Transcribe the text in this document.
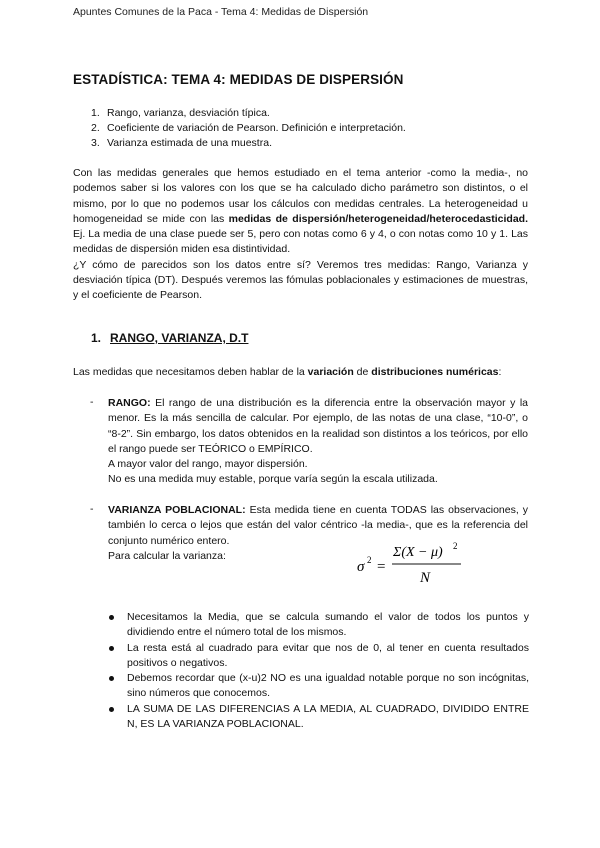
Apuntes Comunes de la Paca - Tema 4: Medidas de Dispersión
ESTADÍSTICA: TEMA 4: MEDIDAS DE DISPERSIÓN
1. Rango, varianza, desviación típica.
2. Coeficiente de variación de Pearson. Definición e interpretación.
3. Varianza estimada de una muestra.

Con las medidas generales que hemos estudiado en el tema anterior -como la media-, no podemos saber si los valores con los que se ha calculado dicho parámetro son distintos, o el mismo, por lo que no podemos usar los cálculos con medidas centrales. La heterogeneidad u homogeneidad se mide con las medidas de dispersión/heterogeneidad/heterocedasticidad. Ej. La media de una clase puede ser 5, pero con notas como 6 y 4, o con notas como 10 y 1. Las medidas de dispersión miden esa distintividad.

¿Y cómo de parecidos son los datos entre sí? Veremos tres medidas: Rango, Varianza y desviación típica (DT). Después veremos las fómulas poblacionales y estimaciones de muestras, y el coeficiente de Pearson.

1. RANGO, VARIANZA, D.T
Las medidas que necesitamos deben hablar de la variación de distribuciones numéricas:
- RANGO: El rango de una distribución es la diferencia entre la observación mayor y la menor. Es la más sencilla de calcular. Por ejemplo, de las notas de una clase, “10-0”, o “8-2”. Sin embargo, los datos obtenidos en la realidad son distintos a los teóricos, por ello el rango puede ser TEÓRICO o EMPÍRICO.

A mayor valor del rango, mayor dispersión.

No es una medida muy estable, porque varía según la escala utilizada.

- VARIANZA POBLACIONAL: Esta medida tiene en cuenta TODAS las observaciones, y también lo cerca o lejos que están del valor céntrico -la media-, que es la referencia del conjunto numérico entero.

Para calcular la varianza:

σ 2 =
Σ(X − μ) 2
N
Necesitamos la Media, que se calcula sumando el valor de todos los puntos y dividiendo entre el número total de los mismos.
La resta está al cuadrado para evitar que nos de 0, al tener en cuenta resultados positivos o negativos.
Debemos recordar que (x-u)2 NO es una igualdad notable porque no son incógnitas, sino números que conocemos.
LA SUMA DE LAS DIFERENCIAS A LA MEDIA, AL CUADRADO, DIVIDIDO ENTRE N, ES LA VARIANZA POBLACIONAL.
